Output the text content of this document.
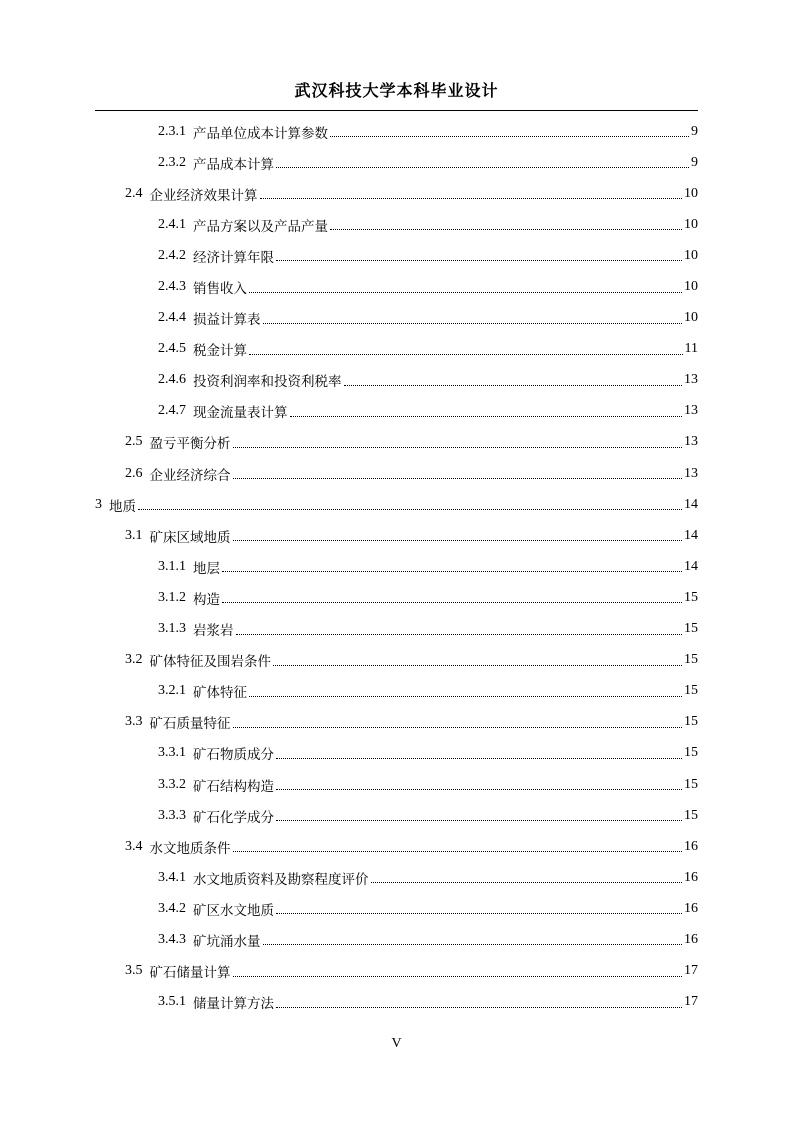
武汉科技大学本科毕业设计
2.3.1 产品单位成本计算参数	9
2.3.2 产品成本计算	9
2.4 企业经济效果计算	10
2.4.1 产品方案以及产品产量	10
2.4.2 经济计算年限	10
2.4.3 销售收入	10
2.4.4 损益计算表	10
2.4.5 税金计算	11
2.4.6 投资利润率和投资利税率	13
2.4.7 现金流量表计算	13
2.5 盈亏平衡分析	13
2.6 企业经济综合	13
3 地质	14
3.1 矿床区域地质	14
3.1.1 地层	14
3.1.2 构造	15
3.1.3 岩浆岩	15
3.2 矿体特征及围岩条件	15
3.2.1 矿体特征	15
3.3 矿石质量特征	15
3.3.1 矿石物质成分	15
3.3.2 矿石结构构造	15
3.3.3 矿石化学成分	15
3.4 水文地质条件	16
3.4.1 水文地质资料及勘察程度评价	16
3.4.2 矿区水文地质	16
3.4.3 矿坑涌水量	16
3.5 矿石储量计算	17
3.5.1 储量计算方法	17
V
